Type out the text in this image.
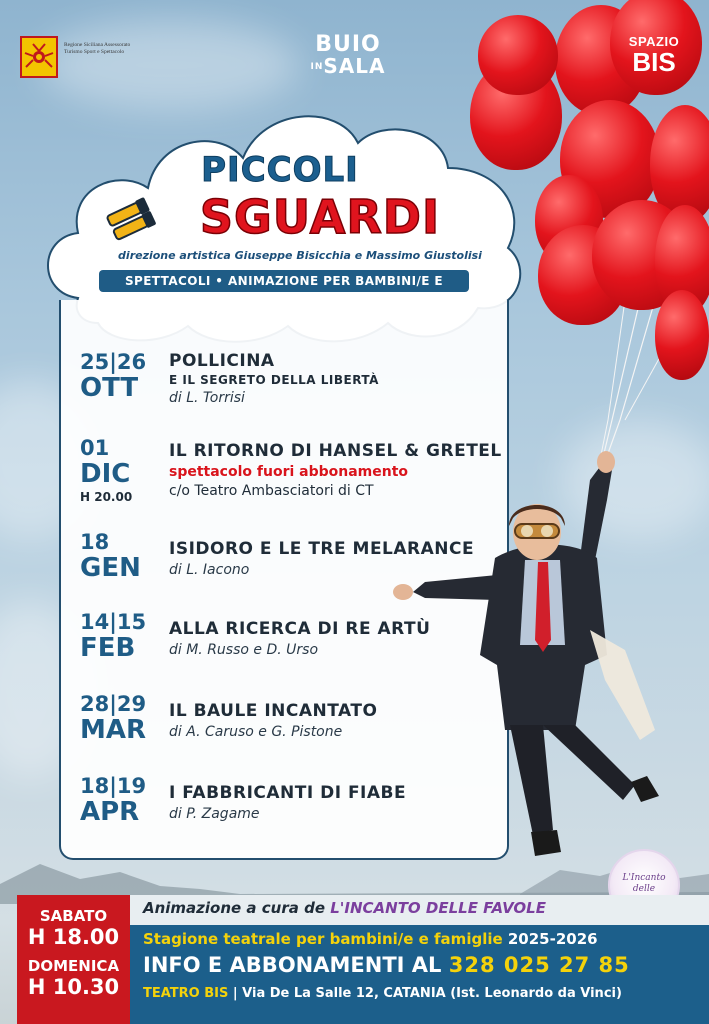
Regione Siciliana Assessorato Turismo Sport e Spettacolo	BUIO
INSALA
SPAZIO
BIS
PICCOLI
SGUARDI
direzione artistica Giuseppe Bisicchia e Massimo Giustolisi
SPETTACOLI • ANIMAZIONE PER BAMBINI/E E
25|26
OTT
POLLICINA
E IL SEGRETO DELLA LIBERTÀ
di L. Torrisi
01
DIC
H 20.00
IL RITORNO DI HANSEL & GRETEL
spettacolo fuori abbonamento
c/o Teatro Ambasciatori di CT
18
GEN
ISIDORO E LE TRE MELARANCE
di L. Iacono
14|15
FEB
ALLA RICERCA DI RE ARTÙ
di M. Russo e D. Urso
28|29
MAR
IL BAULE INCANTATO
di A. Caruso e G. Pistone
18|19
APR
I FABBRICANTI DI FIABE
di P. Zagame
L'Incanto
delle
Animazione a cura de L'INCANTO DELLE FAVOLE
Stagione teatrale per bambini/e e famiglie 2025-2026
INFO E ABBONAMENTI AL 328 025 27 85
TEATRO BIS | Via De La Salle 12, CATANIA (Ist. Leonardo da Vinci)
SABATO
H 18.00
DOMENICA
H 10.30
